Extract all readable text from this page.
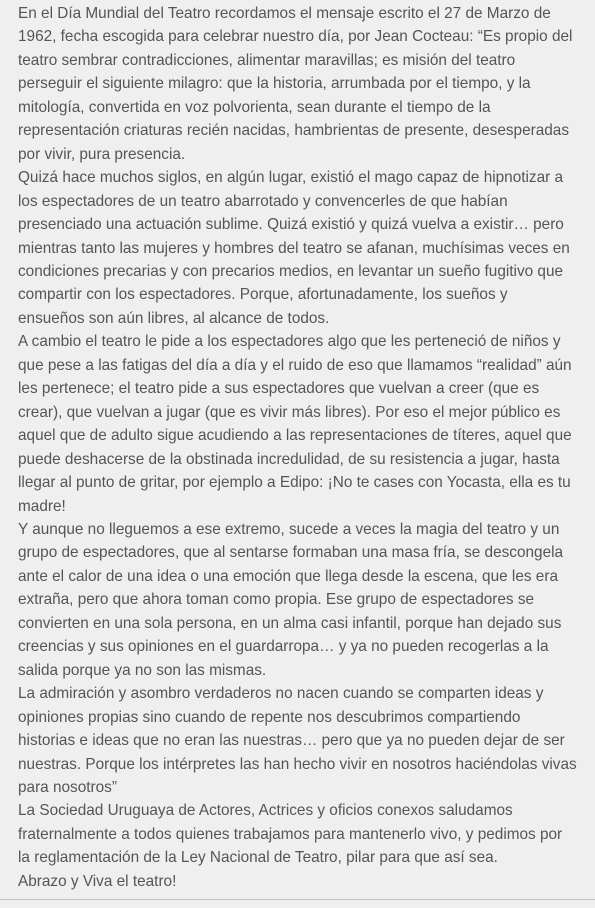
En el Día Mundial del Teatro recordamos el mensaje escrito el 27 de Marzo de 1962, fecha escogida para celebrar nuestro día, por Jean Cocteau: “Es propio del teatro sembrar contradicciones, alimentar maravillas; es misión del teatro perseguir el siguiente milagro: que la historia, arrumbada por el tiempo, y la mitología, convertida en voz polvorienta, sean durante el tiempo de la representación criaturas recién nacidas, hambrientas de presente, desesperadas por vivir, pura presencia.

Quizá hace muchos siglos, en algún lugar, existió el mago capaz de hipnotizar a los espectadores de un teatro abarrotado y convencerles de que habían presenciado una actuación sublime. Quizá existió y quizá vuelva a existir… pero mientras tanto las mujeres y hombres del teatro se afanan, muchísimas veces en condiciones precarias y con precarios medios, en levantar un sueño fugitivo que compartir con los espectadores. Porque, afortunadamente, los sueños y ensueños son aún libres, al alcance de todos.

A cambio el teatro le pide a los espectadores algo que les perteneció de niños y que pese a las fatigas del día a día y el ruido de eso que llamamos “realidad” aún les pertenece; el teatro pide a sus espectadores que vuelvan a creer (que es crear), que vuelvan a jugar (que es vivir más libres). Por eso el mejor público es aquel que de adulto sigue acudiendo a las representaciones de títeres, aquel que puede deshacerse de la obstinada incredulidad, de su resistencia a jugar, hasta llegar al punto de gritar, por ejemplo a Edipo: ¡No te cases con Yocasta, ella es tu madre!

Y aunque no lleguemos a ese extremo, sucede a veces la magia del teatro y un grupo de espectadores, que al sentarse formaban una masa fría, se descongela ante el calor de una idea o una emoción que llega desde la escena, que les era extraña, pero que ahora toman como propia. Ese grupo de espectadores se convierten en una sola persona, en un alma casi infantil, porque han dejado sus creencias y sus opiniones en el guardarropa… y ya no pueden recogerlas a la salida porque ya no son las mismas.

La admiración y asombro verdaderos no nacen cuando se comparten ideas y opiniones propias sino cuando de repente nos descubrimos compartiendo historias e ideas que no eran las nuestras… pero que ya no pueden dejar de ser nuestras. Porque los intérpretes las han hecho vivir en nosotros haciéndolas vivas para nosotros”

La Sociedad Uruguaya de Actores, Actrices y oficios conexos saludamos fraternalmente a todos quienes trabajamos para mantenerlo vivo, y pedimos por la reglamentación de la Ley Nacional de Teatro, pilar para que así sea.

Abrazo y Viva el teatro!
